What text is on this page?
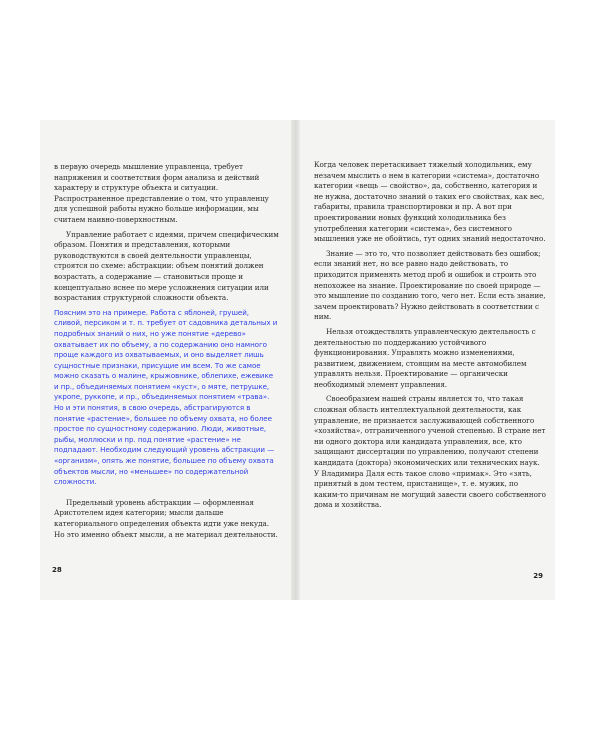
в первую очередь мышление управленца, требует напряжения и соответствия форм анализа и действий характеру и структуре объекта и ситуации. Распространенное представление о том, что управленцу для успешной работы нужно больше информации, мы считаем наивно-поверхностным.

Управление работает с идеями, причем специфическим образом. Понятия и представления, которыми руководствуются в своей деятельности управленцы, строятся по схеме: абстракции: объем понятий должен возрастать, а содержание — становиться проще и концептуально яснее по мере усложнения ситуации или возрастания структурной сложности объекта.

Поясним это на примере. Работа с яблоней, грушей, сливой, персиком и т. п. требует от садовника детальных и подробных знаний о них, но уже понятие «дерево» охватывает их по объему, а по содержанию оно намного проще каждого из охватываемых, и оно выделяет лишь сущностные признаки, присущие им всем. То же самое можно сказать о малине, крыжовнике, облепихе, ежевике и пр., объединяемых понятием «куст», о мяте, петрушке, укропе, руккопе, и пр., объединяемых понятием «трава». Но и эти понятия, в свою очередь, абстрагируются в понятие «растение», большее по объему охвата, но более простое по сущностному содержанию. Люди, животные, рыбы, моллюски и пр. под понятие «растение» не подпадают. Необходим следующий уровень абстракции — «организм», опять же понятие, большее по объему охвата объектов мысли, но «меньшее» по содержательной сложности.

Предельный уровень абстракции — оформленная Аристотелем идея категории; мысли дальше категориального определения объекта идти уже некуда. Но это именно объект мысли, а не материал деятельности.

28

Когда человек перетаскивает тяжелый холодильник, ему незачем мыслить о нем в категории «система», достаточно категории «вещь — свойство», да, собственно, категория и не нужна, достаточно знаний о таких его свойствах, как вес, габариты, правила транспортировки и пр. А вот при проектировании новых функций холодильника без употребления категории «система», без системного мышления уже не обойтись, тут одних знаний недостаточно.

Знание — это то, что позволяет действовать без ошибок; если знаний нет, но все равно надо действовать, то приходится применять метод проб и ошибок и строить это непохожее на знание. Проектирование по своей природе — это мышление по созданию того, чего нет. Если есть знание, зачем проектировать? Нужно действовать в соответствии с ним.

Нельзя отождествлять управленческую деятельность с деятельностью по поддержанию устойчивого функционирования. Управлять можно изменениями, развитием, движением, стоящим на месте автомобилем управлять нельзя. Проектирование — органически необходимый элемент управления.

Своеобразием нашей страны является то, что такая сложная область интеллектуальной деятельности, как управление, не признается заслуживающей собственного «хозяйства», отграниченного ученой степенью. В стране нет ни одного доктора или кандидата управления, все, кто защищают диссертации по управлению, получают степени кандидата (доктора) экономических или технических наук. У Владимира Даля есть такое слово «примак». Это «зять, принятый в дом тестем, пристанище», т. е. мужик, по каким-то причинам не могущий завести своего собственного дома и хозяйства.

29
